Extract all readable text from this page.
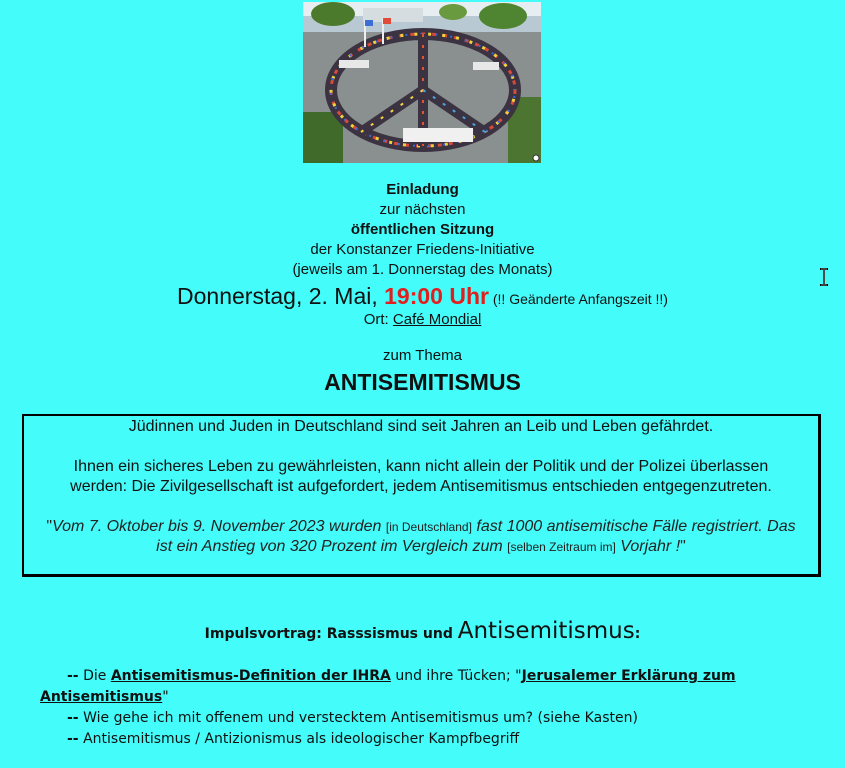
Einladung
zur nächsten
öffentlichen Sitzung
der Konstanzer Friedens-Initiative
(jeweils am 1. Donnerstag des Monats)
Donnerstag, 2. Mai, 19:00 Uhr (!! Geänderte Anfangszeit !!)
Ort: Café Mondial
zum Thema
ANTISEMITISMUS

Jüdinnen und Juden in Deutschland sind seit Jahren an Leib und Leben gefährdet.

Ihnen ein sicheres Leben zu gewährleisten, kann nicht allein der Politik und der Polizei überlassen werden: Die Zivilgesellschaft ist aufgefordert, jedem Antisemitismus entschieden entgegenzutreten.

"Vom 7. Oktober bis 9. November 2023 wurden [in Deutschland] fast 1000 antisemitische Fälle registriert. Das ist ein Anstieg von 320 Prozent im Vergleich zum [selben Zeitraum im] Vorjahr !"

Impulsvortrag: Rasssismus und Antisemitismus:
-- Die Antisemitismus-Definition der IHRA und ihre Tücken; "Jerusalemer Erklärung zum
Antisemitismus"
-- Wie gehe ich mit offenem und verstecktem Antisemitismus um? (siehe Kasten)
-- Antisemitismus / Antizionismus als ideologischer Kampfbegriff
